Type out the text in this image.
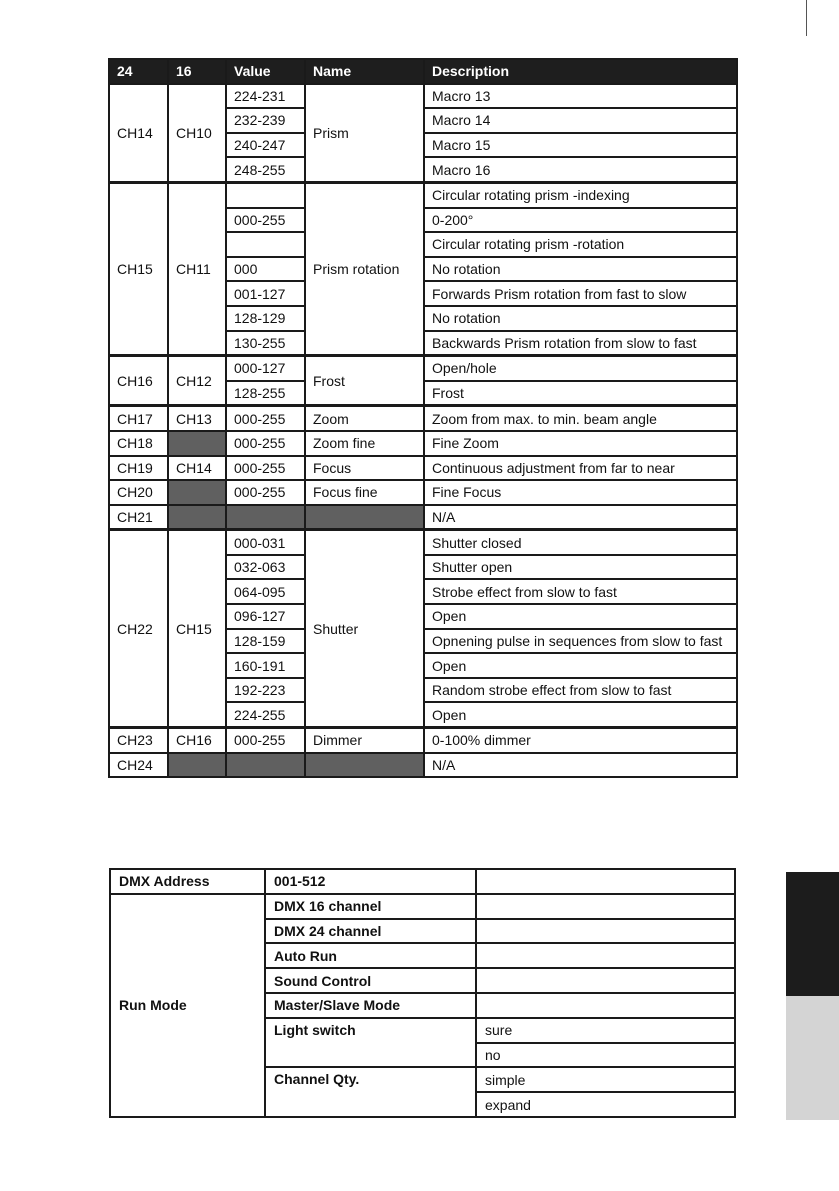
24	16	Value	Name	Description
CH14	CH10	224-231	Prism	Macro 13
		232-239		Macro 14
		240-247		Macro 15
		248-255		Macro 16
CH15	CH11		Prism rotation	Circular rotating prism -indexing
		000-255		0-200°
				Circular rotating prism -rotation
		000		No rotation
		001-127		Forwards Prism rotation from fast to slow
		128-129		No rotation
		130-255		Backwards Prism rotation from slow to fast
CH16	CH12	000-127	Frost	Open/hole
		128-255		Frost
CH17	CH13	000-255	Zoom	Zoom from max. to min. beam angle
CH18		000-255	Zoom fine	Fine Zoom
CH19	CH14	000-255	Focus	Continuous adjustment from far to near
CH20		000-255	Focus fine	Fine Focus
CH21				N/A
CH22	CH15	000-031	Shutter	Shutter closed
		032-063		Shutter open
		064-095		Strobe effect from slow to fast
		096-127		Open
		128-159		Opnening pulse in sequences from slow to fast
		160-191		Open
		192-223		Random strobe effect from slow to fast
		224-255		Open
CH23	CH16	000-255	Dimmer	0-100% dimmer
CH24				N/A
DMX Address	001-512	
Run Mode	DMX 16 channel	
	DMX 24 channel	
	Auto Run	
	Sound Control	
	Master/Slave Mode	
	Light switch	sure
		no
	Channel Qty.	simple
		expand
